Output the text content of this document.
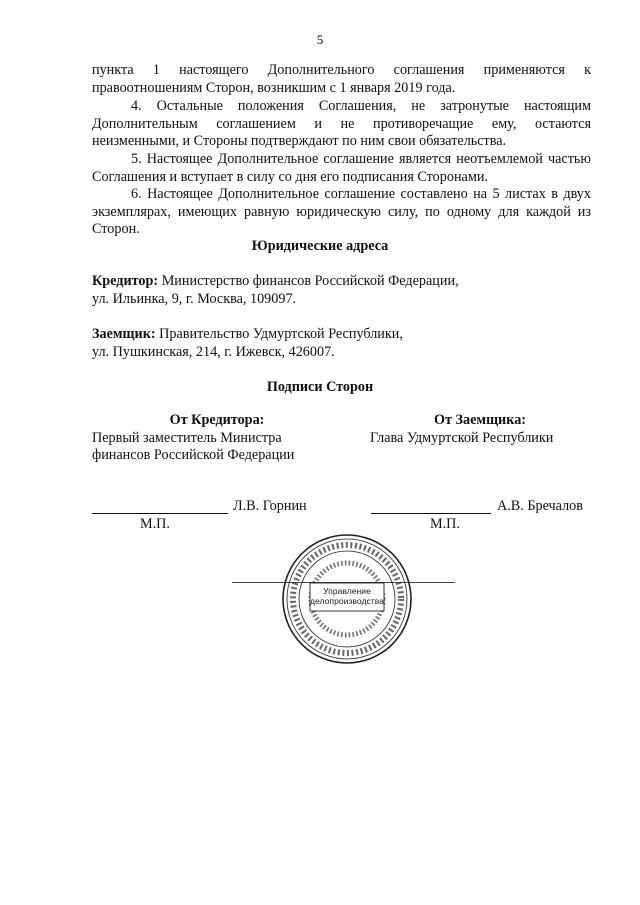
5

пункта 1 настоящего Дополнительного соглашения применяются к правоотношениям Сторон, возникшим с 1 января 2019 года.

4. Остальные положения Соглашения, не затронутые настоящим Дополнительным соглашением и не противоречащие ему, остаются неизменными, и Стороны подтверждают по ним свои обязательства.

5. Настоящее Дополнительное соглашение является неотъемлемой частью Соглашения и вступает в силу со дня его подписания Сторонами.

6. Настоящее Дополнительное соглашение составлено на 5 листах в двух экземплярах, имеющих равную юридическую силу, по одному для каждой из Сторон.

Юридические адреса
Кредитор: Министерство финансов Российской Федерации,
ул. Ильинка, 9, г. Москва, 109097.
Заемщик: Правительство Удмуртской Республики,
ул. Пушкинская, 214, г. Ижевск, 426007.
Подписи Сторон
От Кредитора:
Первый заместитель Министра
финансов Российской Федерации
От Заемщика:
Глава Удмуртской Республики
Л.В. Горнин
М.П.
А.В. Бречалов
М.П.
Управление
делопроизводства
